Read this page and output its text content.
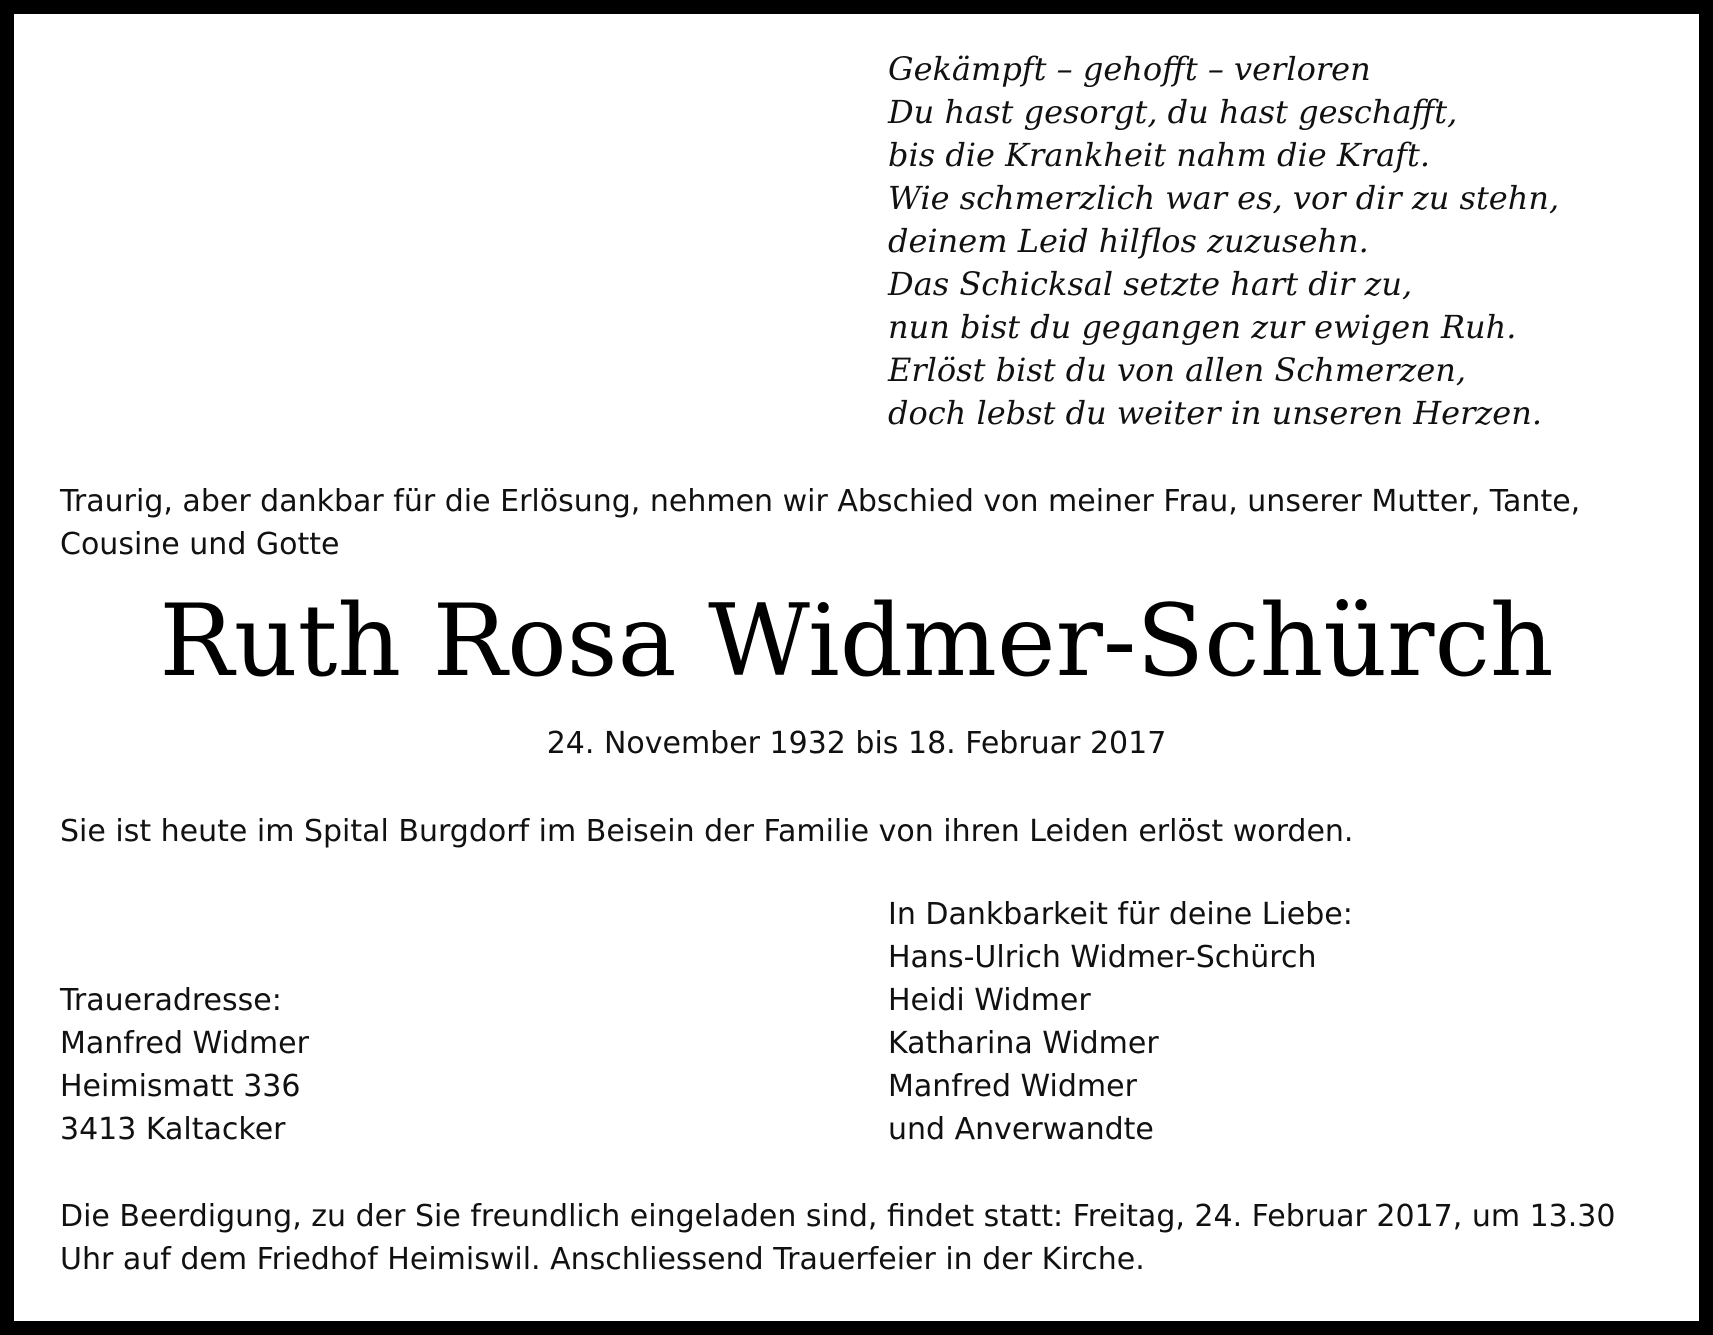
Gekämpft – gehofft – verloren
Du hast gesorgt, du hast geschafft,
bis die Krankheit nahm die Kraft.
Wie schmerzlich war es, vor dir zu stehn,
deinem Leid hilflos zuzusehn.
Das Schicksal setzte hart dir zu,
nun bist du gegangen zur ewigen Ruh.
Erlöst bist du von allen Schmerzen,
doch lebst du weiter in unseren Herzen.

Traurig, aber dankbar für die Erlösung, nehmen wir Abschied von meiner Frau, unserer Mutter, Tante, Cousine und Gotte

Ruth Rosa Widmer-Schürch

24. November 1932 bis 18. Februar 2017

Sie ist heute im Spital Burgdorf im Beisein der Familie von ihren Leiden erlöst worden.

In Dankbarkeit für deine Liebe:
Hans-Ulrich Widmer-Schürch
Heidi Widmer
Katharina Widmer
Manfred Widmer
und Anverwandte
Traueradresse:
Manfred Widmer
Heimismatt 336
3413 Kaltacker

Die Beerdigung, zu der Sie freundlich eingeladen sind, findet statt: Freitag, 24. Februar 2017, um 13.30 Uhr auf dem Friedhof Heimiswil. Anschliessend Trauerfeier in der Kirche.
